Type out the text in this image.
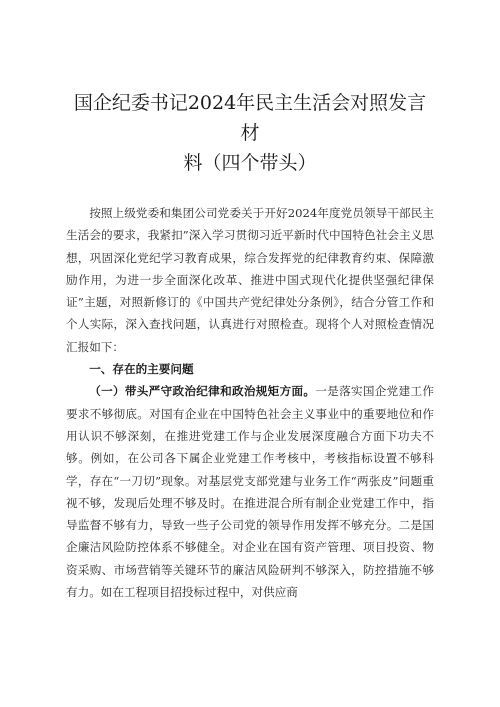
国企纪委书记2024年民主生活会对照发言材
料（四个带头）

按照上级党委和集团公司党委关于开好2024年度党员领导干部民主生活会的要求，我紧扣”深入学习贯彻习近平新时代中国特色社会主义思想，巩固深化党纪学习教育成果，综合发挥党的纪律教育约束、保障激励作用，为进一步全面深化改革、推进中国式现代化提供坚强纪律保证”主题，对照新修订的《中国共产党纪律处分条例》，结合分管工作和个人实际，深入查找问题，认真进行对照检查。现将个人对照检查情况汇报如下：

一、存在的主要问题

（一）带头严守政治纪律和政治规矩方面。一是落实国企党建工作要求不够彻底。对国有企业在中国特色社会主义事业中的重要地位和作用认识不够深刻，在推进党建工作与企业发展深度融合方面下功夫不够。例如，在公司各下属企业党建工作考核中，考核指标设置不够科学，存在“一刀切”现象。对基层党支部党建与业务工作“两张皮”问题重视不够，发现后处理不够及时。在推进混合所有制企业党建工作中，指导监督不够有力，导致一些子公司党的领导作用发挥不够充分。二是国企廉洁风险防控体系不够健全。对企业在国有资产管理、项目投资、物资采购、市场营销等关键环节的廉洁风险研判不够深入，防控措施不够有力。如在工程项目招投标过程中，对供应商
